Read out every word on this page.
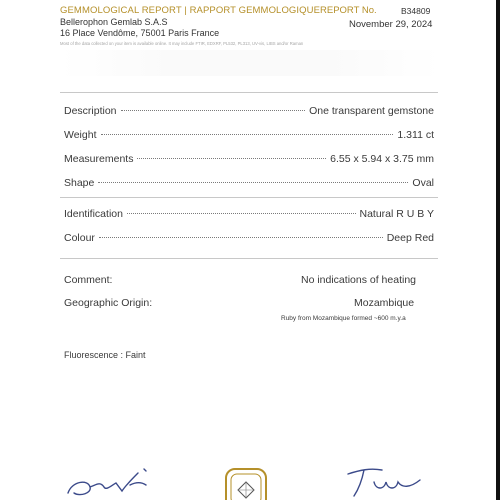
GEMMOLOGICAL REPORT | RAPPORT GEMMOLOGIQUE
Bellerophon Gemlab S.A.S
16 Place Vendôme, 75001 Paris France
Most of the data collected on your item is available online. It may include FTIR, EDXRF, PL532, PL313, UV-vis, LIBS and/or Raman
REPORT No.	B34809
November 29, 2024
Description	One transparent gemstone
Weight	1.311 ct
Measurements	6.55 x 5.94 x 3.75 mm
Shape	Oval
Identification	Natural R U B Y
Colour	Deep Red
Comment:	No indications of heating
Geographic Origin:	Mozambique
Ruby from Mozambique formed ~600 m.y.a
Fluorescence : Faint
